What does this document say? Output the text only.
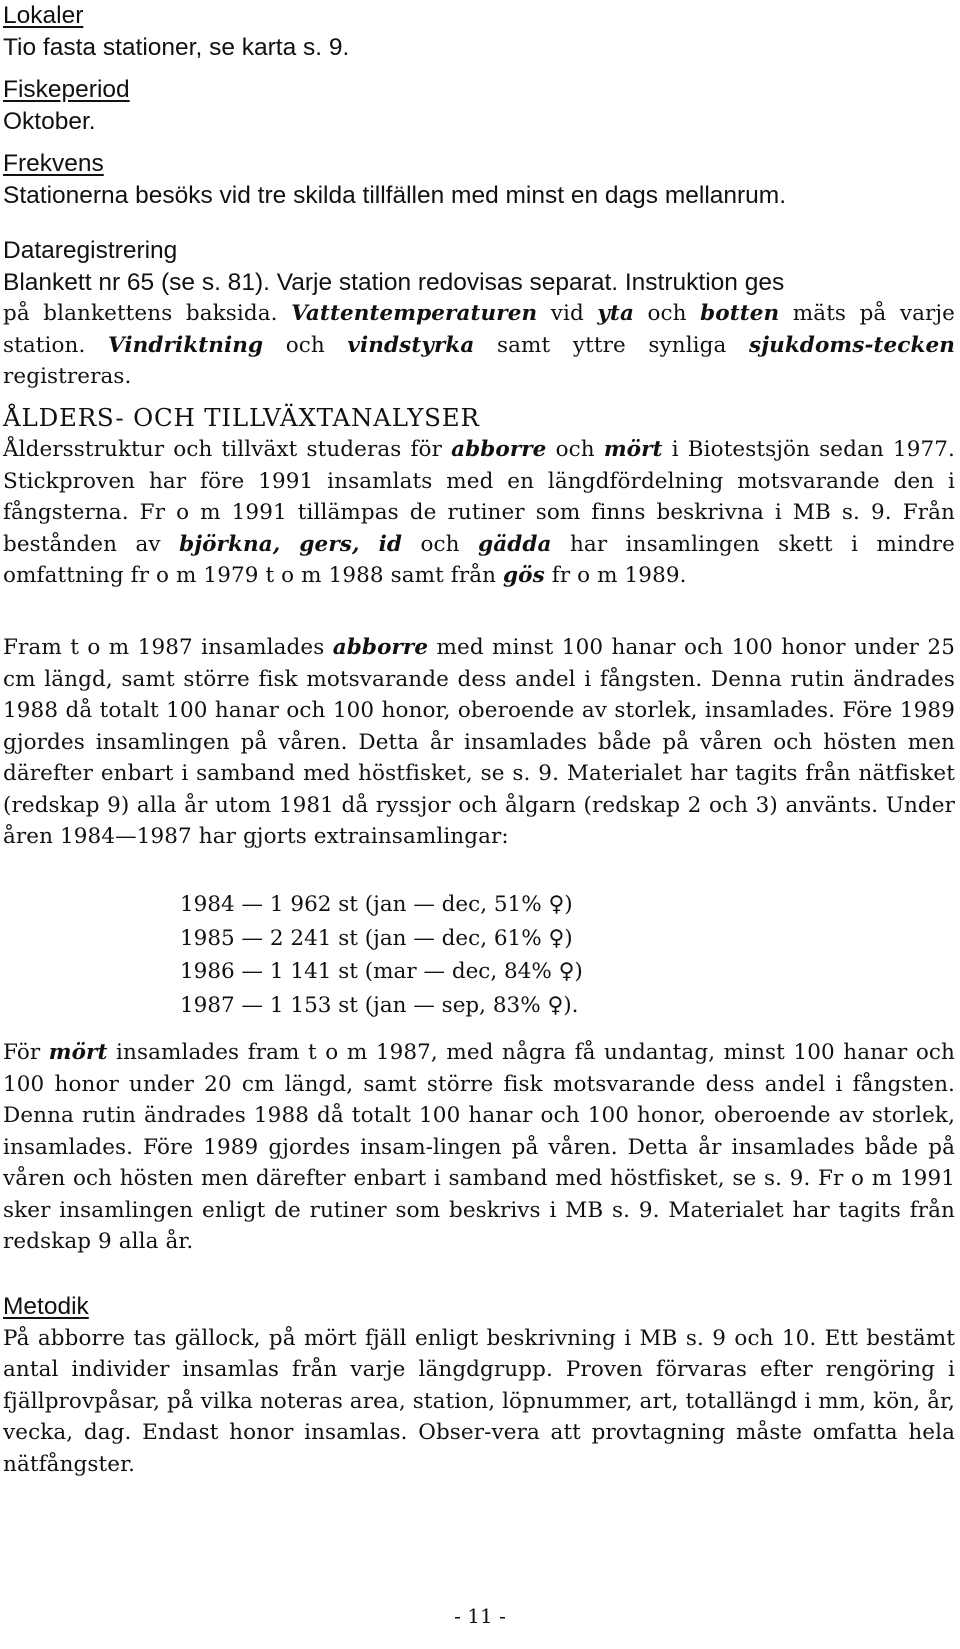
Lokaler
Tio fasta stationer, se karta s. 9.
Fiskeperiod
Oktober.
Frekvens
Stationerna besöks vid tre skilda tillfällen med minst en dags mellanrum.
Dataregistrering
Blankett nr 65 (se s. 81). Varje station redovisas separat. Instruktion ges

på blankettens baksida. Vattentemperaturen vid yta och botten mäts på varje station. Vindriktning och vindstyrka samt yttre synliga sjukdoms-tecken registreras.

ÅLDERS- OCH TILLVÄXTANALYSER

Åldersstruktur och tillväxt studeras för abborre och mört i Biotestsjön sedan 1977. Stickproven har före 1991 insamlats med en längdfördelning motsvarande den i fångsterna. Fr o m 1991 tillämpas de rutiner som finns beskrivna i MB s. 9. Från bestånden av björkna, gers, id och gädda har insamlingen skett i mindre omfattning fr o m 1979 t o m 1988 samt från gös fr o m 1989.

Fram t o m 1987 insamlades abborre med minst 100 hanar och 100 honor under 25 cm längd, samt större fisk motsvarande dess andel i fångsten. Denna rutin ändrades 1988 då totalt 100 hanar och 100 honor, oberoende av storlek, insamlades. Före 1989 gjordes insamlingen på våren. Detta år insamlades både på våren och hösten men därefter enbart i samband med höstfisket, se s. 9. Materialet har tagits från nätfisket (redskap 9) alla år utom 1981 då ryssjor och ålgarn (redskap 2 och 3) använts. Under åren 1984—1987 har gjorts extrainsamlingar:

1984 — 1 962 st (jan — dec, 51% ♀)
1985 — 2 241 st (jan — dec, 61% ♀)
1986 — 1 141 st (mar — dec, 84% ♀)
1987 — 1 153 st (jan — sep, 83% ♀).

För mört insamlades fram t o m 1987, med några få undantag, minst 100 hanar och 100 honor under 20 cm längd, samt större fisk motsvarande dess andel i fångsten. Denna rutin ändrades 1988 då totalt 100 hanar och 100 honor, oberoende av storlek, insamlades. Före 1989 gjordes insam-lingen på våren. Detta år insamlades både på våren och hösten men därefter enbart i samband med höstfisket, se s. 9. Fr o m 1991 sker insamlingen enligt de rutiner som beskrivs i MB s. 9. Materialet har tagits från redskap 9 alla år.

Metodik

På abborre tas gällock, på mört fjäll enligt beskrivning i MB s. 9 och 10. Ett bestämt antal individer insamlas från varje längdgrupp. Proven förvaras efter rengöring i fjällprovpåsar, på vilka noteras area, station, löpnummer, art, totallängd i mm, kön, år, vecka, dag. Endast honor insamlas. Obser-vera att provtagning måste omfatta hela nätfångster.

- 11 -
